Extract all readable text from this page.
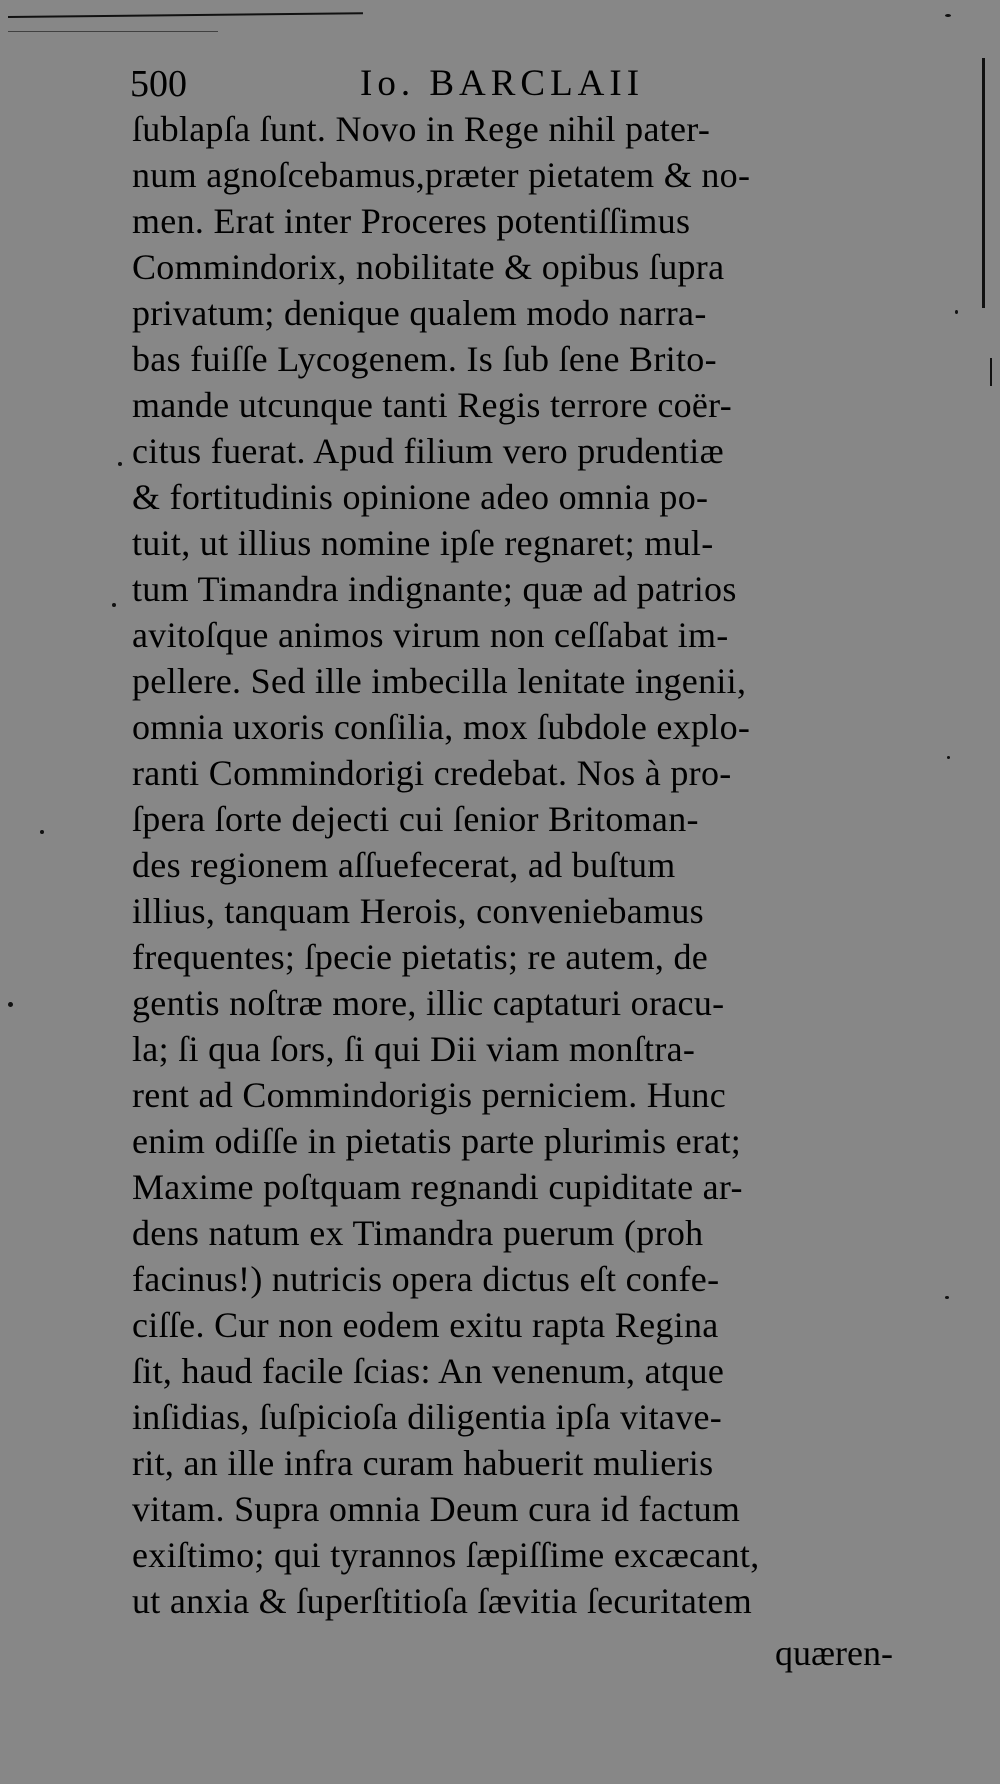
500	Io. BARCLAII
ſublapſa ſunt. Novo in Rege nihil pater-
num agnoſcebamus,præter pietatem & no-
men. Erat inter Proceres potentiſſimus
Commindorix, nobilitate & opibus ſupra
privatum; denique qualem modo narra-
bas fuiſſe Lycogenem. Is ſub ſene Brito-
mande utcunque tanti Regis terrore coër-
citus fuerat. Apud filium vero prudentiæ
& fortitudinis opinione adeo omnia po-
tuit, ut illius nomine ipſe regnaret; mul-
tum Timandra indignante; quæ ad patrios
avitoſque animos virum non ceſſabat im-
pellere. Sed ille imbecilla lenitate ingenii,
omnia uxoris conſilia, mox ſubdole explo-
ranti Commindorigi credebat. Nos à pro-
ſpera ſorte dejecti cui ſenior Britoman-
des regionem aſſuefecerat, ad buſtum
illius, tanquam Herois, conveniebamus
frequentes; ſpecie pietatis; re autem, de
gentis noſtræ more, illic captaturi oracu-
la; ſi qua ſors, ſi qui Dii viam monſtra-
rent ad Commindorigis perniciem. Hunc
enim odiſſe in pietatis parte plurimis erat;
Maxime poſtquam regnandi cupiditate ar-
dens natum ex Timandra puerum (proh
facinus!) nutricis opera dictus eſt confe-
ciſſe. Cur non eodem exitu rapta Regina
ſit, haud facile ſcias: An venenum, atque
inſidias, ſuſpicioſa diligentia ipſa vitave-
rit, an ille infra curam habuerit mulieris
vitam. Supra omnia Deum cura id factum
exiſtimo; qui tyrannos ſæpiſſime excæcant,
ut anxia & ſuperſtitioſa ſævitia ſecuritatem
quæren-
